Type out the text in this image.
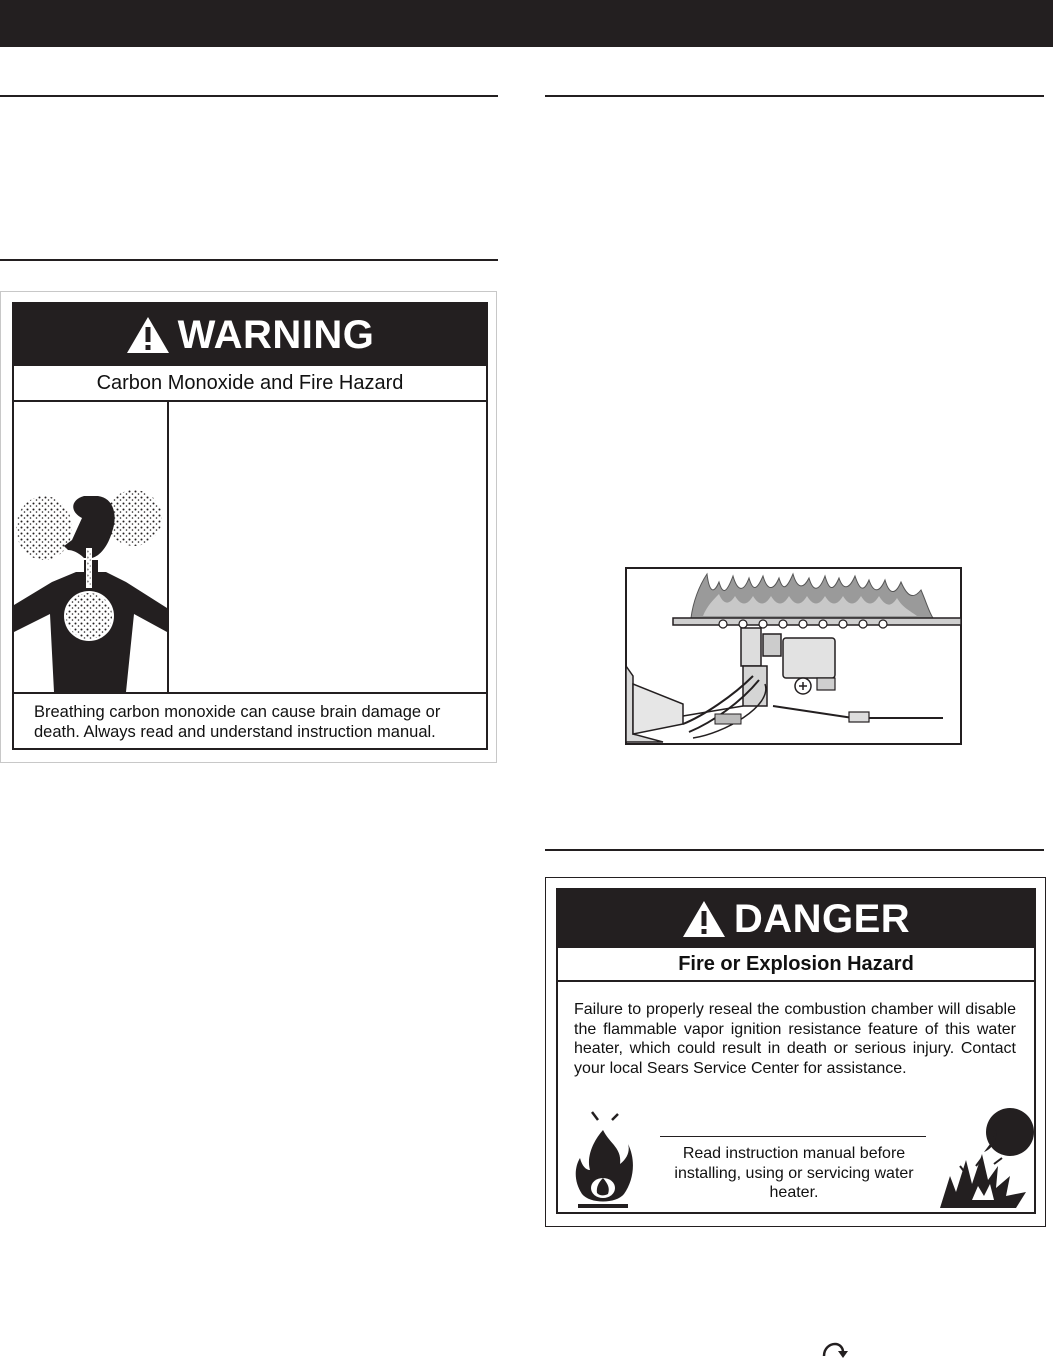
WARNING
Carbon Monoxide and Fire Hazard
Breathing carbon monoxide can cause brain damage or death. Always read and understand instruction manual.
DANGER
Fire or Explosion Hazard
Failure to properly reseal the combustion chamber will disable the flammable vapor ignition resistance feature of this water heater, which could result in death or serious injury. Contact your local Sears Service Center for assistance.
Read instruction manual before installing, using or servicing water heater.
